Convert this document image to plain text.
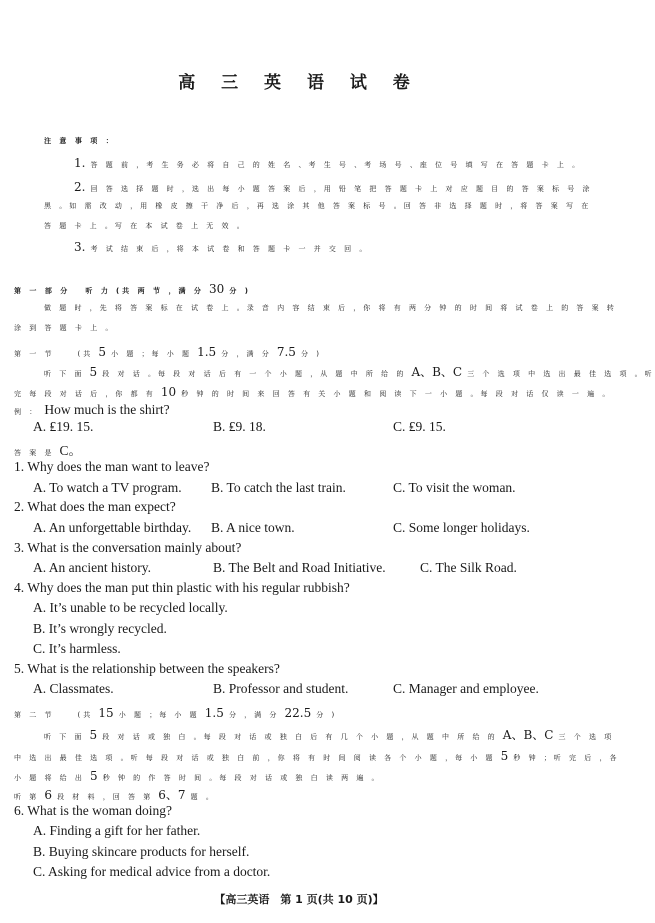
高 三 英 语 试 卷
注 意 事 项 ：
1. 答 题 前 ，考 生 务 必 将 自 己 的 姓 名 、考 生 号 、考 场 号 、座 位 号 填 写 在 答 题 卡 上 。
2. 回 答 选 择 题 时 ，选 出 每 小 题 答 案 后 ，用 铅 笔 把 答 题 卡 上 对 应 题 目 的 答 案 标 号 涂
黑 。如 需 改 动 ，用 橡 皮 擦 干 净 后 ，再 选 涂 其 他 答 案 标 号 。回 答 非 选 择 题 时 ，将 答 案 写 在
答 题 卡 上 。写 在 本 试 卷 上 无 效 。
3. 考 试 结 束 后 ，将 本 试 卷 和 答 题 卡 一 并 交 回 。
第 一 部 分 听 力 (共 两 节 ，满 分 30 分 )
做 题 时 ，先 将 答 案 标 在 试 卷 上 。录 音 内 容 结 束 后 ，你 将 有 两 分 钟 的 时 间 将 试 卷 上 的 答 案 转
涂 到 答 题 卡 上 。
第 一 节	(共 5 小 题 ；每 小 题 1.5 分 ，满 分 7.5 分 )
听 下 面 5 段 对 话 。每 段 对 话 后 有 一 个 小 题 ，从 题 中 所 给 的 A、B、C 三 个 选 项 中 选 出 最 佳 选 项 。听
完 每 段 对 话 后 ，你 都 有 10 秒 钟 的 时 间 来 回 答 有 关 小 题 和 阅 读 下 一 小 题 。每 段 对 话 仅 读 一 遍 。
例 ： How much is the shirt?
A. ₤19. 15.	B. ₤9. 18.	C. ₤9. 15.
答 案 是 C。
1. Why does the man want to leave?
A. To watch a TV program. B. To catch the last train.	C. To visit the woman.
2. What does the man expect?
A. An unforgettable birthday. B. A nice town.	C. Some longer holidays.
3. What is the conversation mainly about?
A. An ancient history.	B. The Belt and Road Initiative.	C. The Silk Road.
4. Why does the man put thin plastic with his regular rubbish?
A. It’s unable to be recycled locally.
B. It’s wrongly recycled.
C. It’s harmless.
5. What is the relationship between the speakers?
A. Classmates.	B. Professor and student.	C. Manager and employee.
第 二 节	(共 15 小 题 ；每 小 题 1.5 分 ，满 分 22.5 分 )
听 下 面 5 段 对 话 或 独 白 。每 段 对 话 或 独 白 后 有 几 个 小 题 ，从 题 中 所 给 的 A、B、C 三 个 选 项
中 选 出 最 佳 选 项 。听 每 段 对 话 或 独 白 前 ，你 将 有 时 间 阅 读 各 个 小 题 ，每 小 题 5 秒 钟 ；听 完 后 ，各
小 题 将 给 出 5 秒 钟 的 作 答 时 间 。每 段 对 话 或 独 白 读 两 遍 。
听 第 6 段 材 料 ，回 答 第 6、7 题 。
6. What is the woman doing?
A. Finding a gift for her father.
B. Buying skincare products for herself.
C. Asking for medical advice from a doctor.
【高三英语　第 1 页(共 10 页)】
